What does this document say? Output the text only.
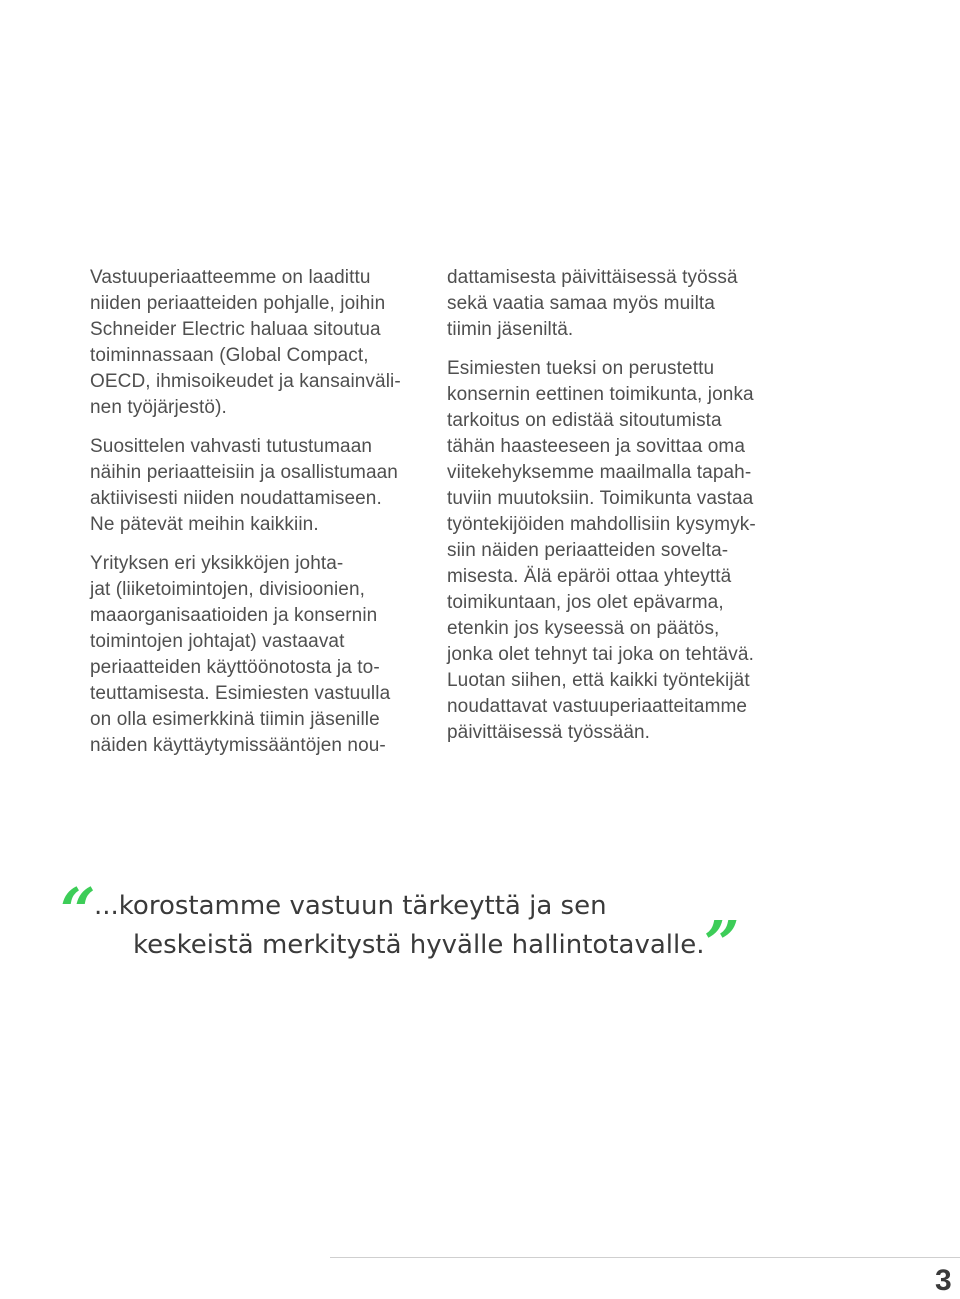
Vastuuperiaatteemme on laadittu
niiden periaatteiden pohjalle, joihin
Schneider Electric haluaa sitoutua
toiminnassaan (Global Compact,
OECD, ihmisoikeudet ja kansainväli-
nen työjärjestö).

Suosittelen vahvasti tutustumaan
näihin periaatteisiin ja osallistumaan
aktiivisesti niiden noudattamiseen.
Ne pätevät meihin kaikkiin.

Yrityksen eri yksikköjen johta-
jat (liiketoimintojen, divisioonien,
maaorganisaatioiden ja konsernin
toimintojen johtajat) vastaavat
periaatteiden käyttöönotosta ja to-
teuttamisesta. Esimiesten vastuulla
on olla esimerkkinä tiimin jäsenille
näiden käyttäytymissääntöjen nou-

dattamisesta päivittäisessä työssä
sekä vaatia samaa myös muilta
tiimin jäseniltä.

Esimiesten tueksi on perustettu
konsernin eettinen toimikunta, jonka
tarkoitus on edistää sitoutumista
tähän haasteeseen ja sovittaa oma
viitekehyksemme maailmalla tapah-
tuviin muutoksiin. Toimikunta vastaa
työntekijöiden mahdollisiin kysymyk-
siin näiden periaatteiden sovelta-
misesta. Älä epäröi ottaa yhteyttä
toimikuntaan, jos olet epävarma,
etenkin jos kyseessä on päätös,
jonka olet tehnyt tai joka on tehtävä.
Luotan siihen, että kaikki työntekijät
noudattavat vastuuperiaatteitamme
päivittäisessä työssään.

“
...korostamme vastuun tärkeyttä ja sen
keskeistä merkitystä hyvälle hallintotavalle. ”
3
